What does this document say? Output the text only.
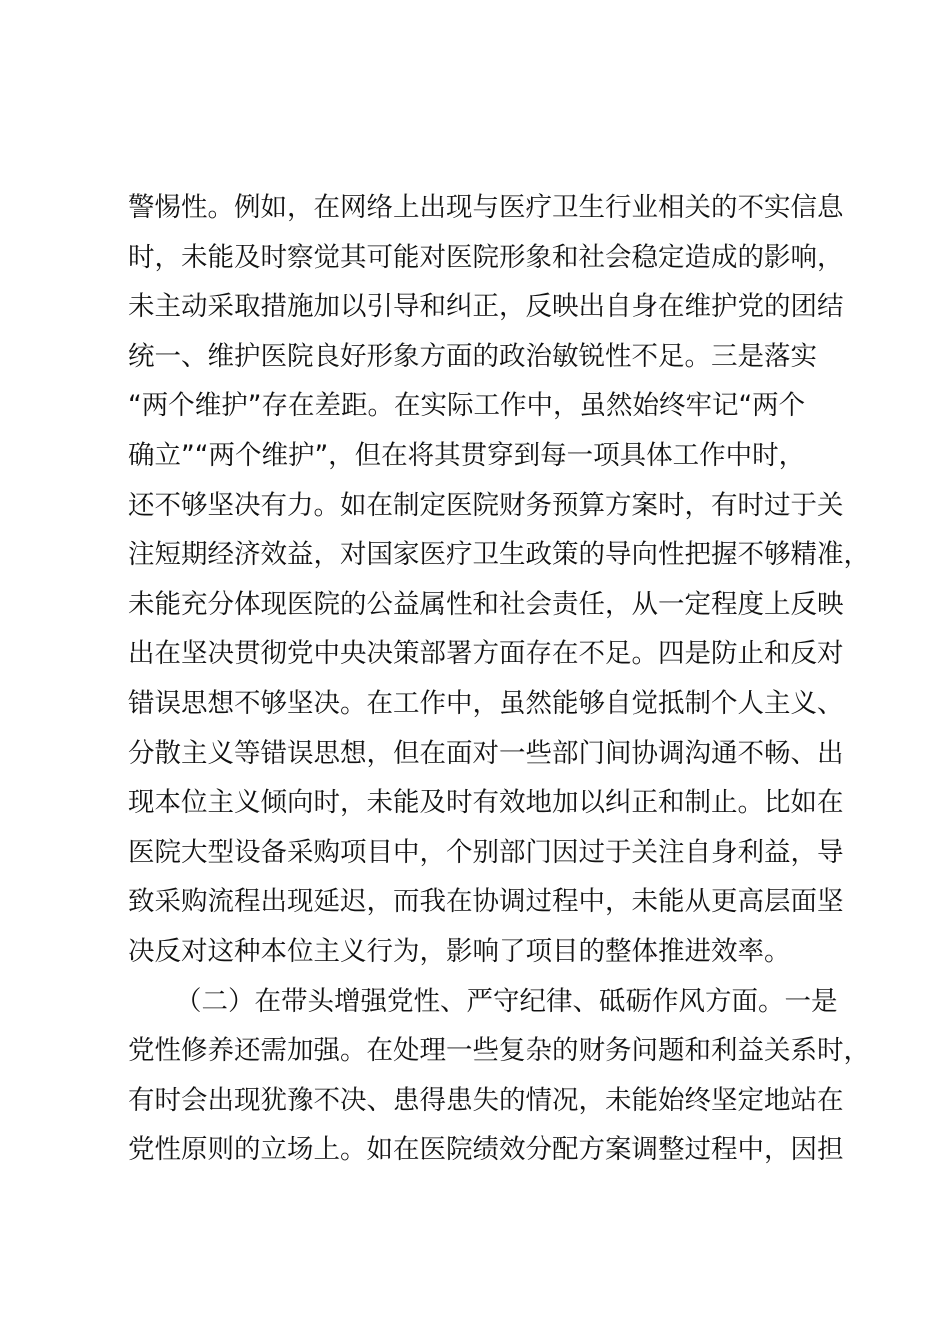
警惕性。例如，在网络上出现与医疗卫生行业相关的不实信息
时，未能及时察觉其可能对医院形象和社会稳定造成的影响，
未主动采取措施加以引导和纠正，反映出自身在维护党的团结
统一、维护医院良好形象方面的政治敏锐性不足。三是落实
“两个维护”存在差距。在实际工作中，虽然始终牢记“两个
确立”“两个维护”，但在将其贯穿到每一项具体工作中时，
还不够坚决有力。如在制定医院财务预算方案时，有时过于关
注短期经济效益，对国家医疗卫生政策的导向性把握不够精准，
未能充分体现医院的公益属性和社会责任，从一定程度上反映
出在坚决贯彻党中央决策部署方面存在不足。四是防止和反对
错误思想不够坚决。在工作中，虽然能够自觉抵制个人主义、
分散主义等错误思想，但在面对一些部门间协调沟通不畅、出
现本位主义倾向时，未能及时有效地加以纠正和制止。比如在
医院大型设备采购项目中，个别部门因过于关注自身利益，导
致采购流程出现延迟，而我在协调过程中，未能从更高层面坚
决反对这种本位主义行为，影响了项目的整体推进效率。
（二）在带头增强党性、严守纪律、砥砺作风方面。一是
党性修养还需加强。在处理一些复杂的财务问题和利益关系时，
有时会出现犹豫不决、患得患失的情况，未能始终坚定地站在
党性原则的立场上。如在医院绩效分配方案调整过程中，因担
